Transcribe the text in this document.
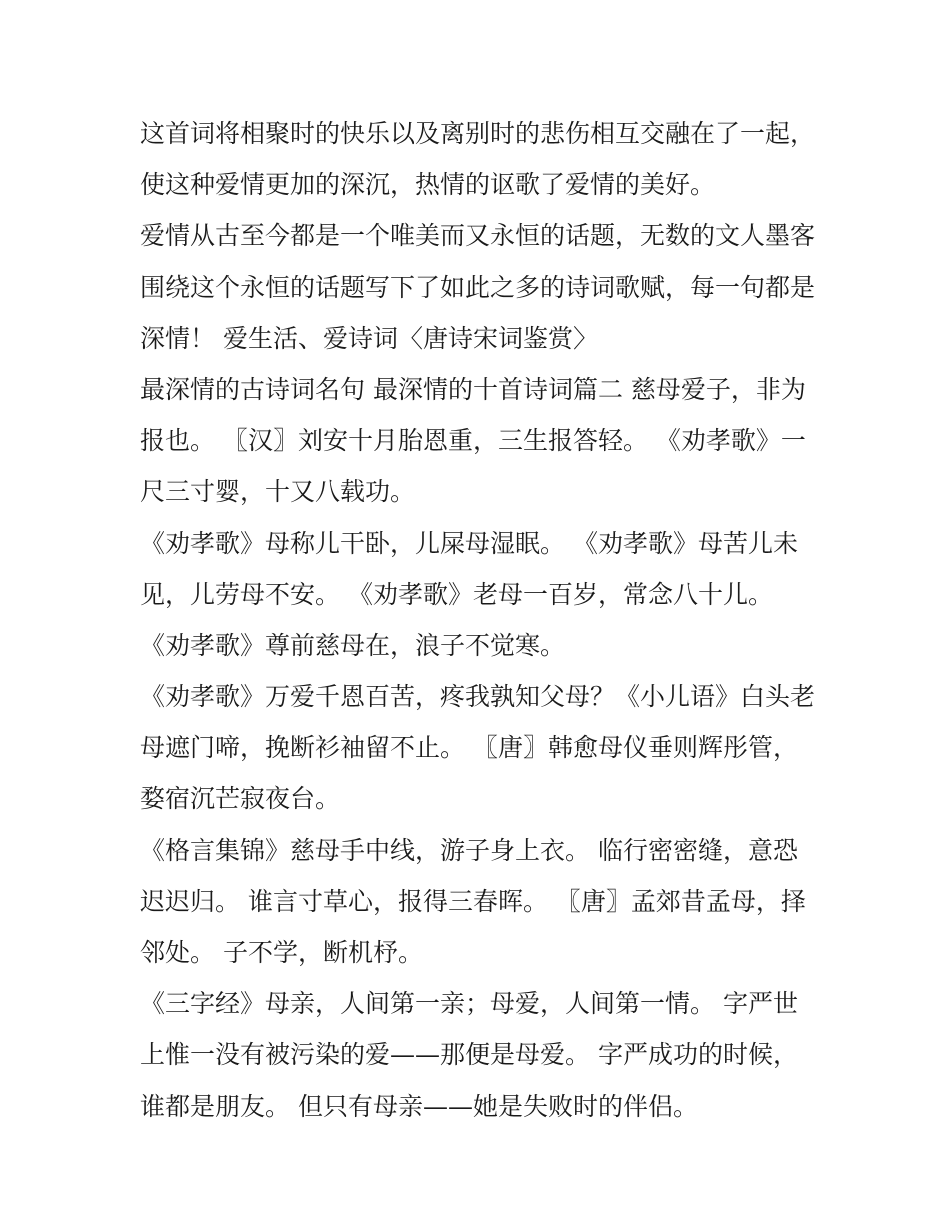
这首词将相聚时的快乐以及离别时的悲伤相互交融在了一起，
使这种爱情更加的深沉，热情的讴歌了爱情的美好。
爱情从古至今都是一个唯美而又永恒的话题，无数的文人墨客
围绕这个永恒的话题写下了如此之多的诗词歌赋，每一句都是
深情！ 爱生活、爱诗词〈唐诗宋词鉴赏〉
最深情的古诗词名句 最深情的十首诗词篇二 慈母爱子，非为
报也。 〖汉〗刘安十月胎恩重，三生报答轻。 《劝孝歌》一
尺三寸婴，十又八载功。
《劝孝歌》母称儿干卧，儿屎母湿眠。 《劝孝歌》母苦儿未
见，儿劳母不安。 《劝孝歌》老母一百岁，常念八十儿。
《劝孝歌》尊前慈母在，浪子不觉寒。
《劝孝歌》万爱千恩百苦，疼我孰知父母？《小儿语》白头老
母遮门啼，挽断衫袖留不止。 〖唐〗韩愈母仪垂则辉彤管，
婺宿沉芒寂夜台。
《格言集锦》慈母手中线，游子身上衣。 临行密密缝，意恐
迟迟归。 谁言寸草心，报得三春晖。 〖唐〗孟郊昔孟母，择
邻处。 子不学，断机杼。
《三字经》母亲，人间第一亲；母爱，人间第一情。 字严世
上惟一没有被污染的爱——那便是母爱。 字严成功的时候，
谁都是朋友。 但只有母亲——她是失败时的伴侣。
